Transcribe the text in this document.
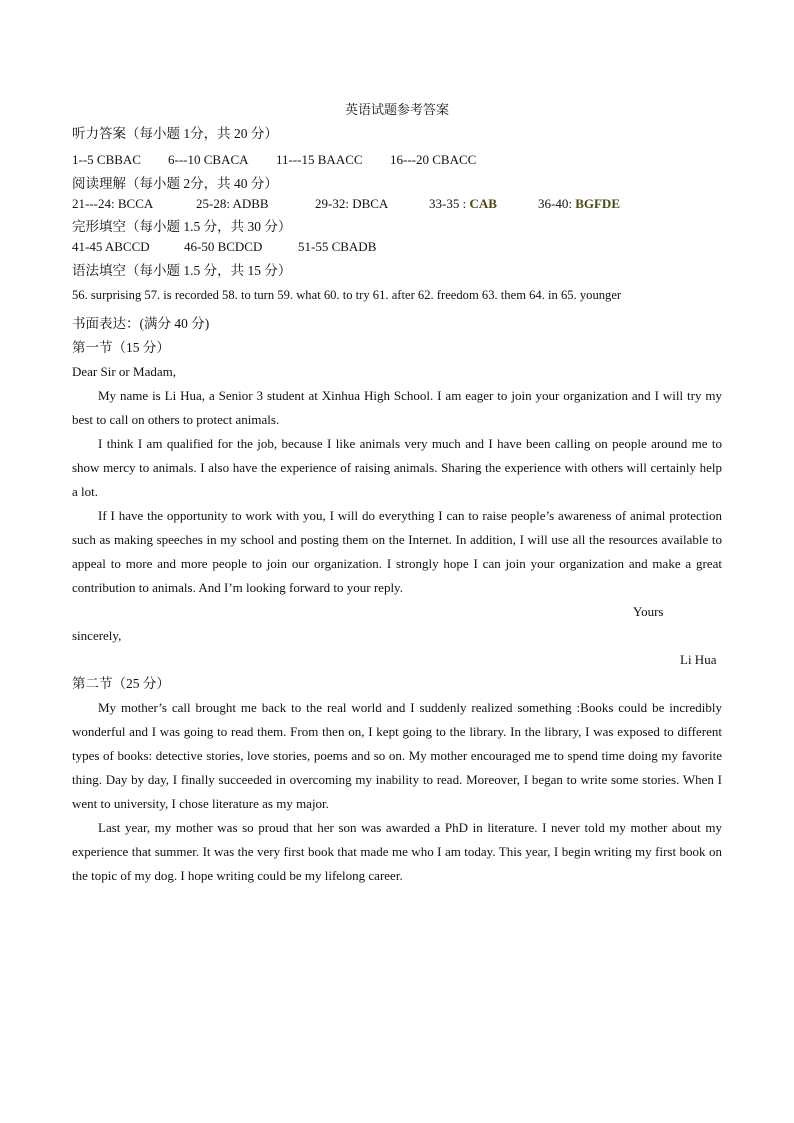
英语试题参考答案
听力答案（每小题 1分，共 20 分）
1--5 CBBAC 6---10 CBACA 11---15 BAACC 16---20 CBACC
阅读理解（每小题 2分，共 40 分）
21---24: BCCA	25-28: ADBB	29-32: DBCA	33-35 : CAB	36-40: BGFDE
完形填空（每小题 1.5 分，共 30 分）
41-45 ABCCD	46-50 BCDCD	51-55 CBADB
语法填空（每小题 1.5 分，共 15 分）
56. surprising 57. is recorded 58. to turn 59. what 60. to try 61. after 62. freedom 63. them 64. in 65. younger
书面表达：(满分 40 分)
第一节（15 分）
Dear Sir or Madam,

My name is Li Hua, a Senior 3 student at Xinhua High School. I am eager to join your organization and I will try my best to call on others to protect animals.

I think I am qualified for the job, because I like animals very much and I have been calling on people around me to show mercy to animals. I also have the experience of raising animals. Sharing the experience with others will certainly help a lot.

If I have the opportunity to work with you, I will do everything I can to raise people’s awareness of animal protection such as making speeches in my school and posting them on the Internet. In addition, I will use all the resources available to appeal to more and more people to join our organization. I strongly hope I can join your organization and make a great contribution to animals. And I’m looking forward to your reply.

Yours
sincerely,
Li Hua
第二节（25 分）

My mother’s call brought me back to the real world and I suddenly realized something :Books could be incredibly wonderful and I was going to read them. From then on, I kept going to the library. In the library, I was exposed to different types of books: detective stories, love stories, poems and so on. My mother encouraged me to spend time doing my favorite thing. Day by day, I finally succeeded in overcoming my inability to read. Moreover, I began to write some stories. When I went to university, I chose literature as my major.

Last year, my mother was so proud that her son was awarded a PhD in literature. I never told my mother about my experience that summer. It was the very first book that made me who I am today. This year, I begin writing my first book on the topic of my dog. I hope writing could be my lifelong career.
